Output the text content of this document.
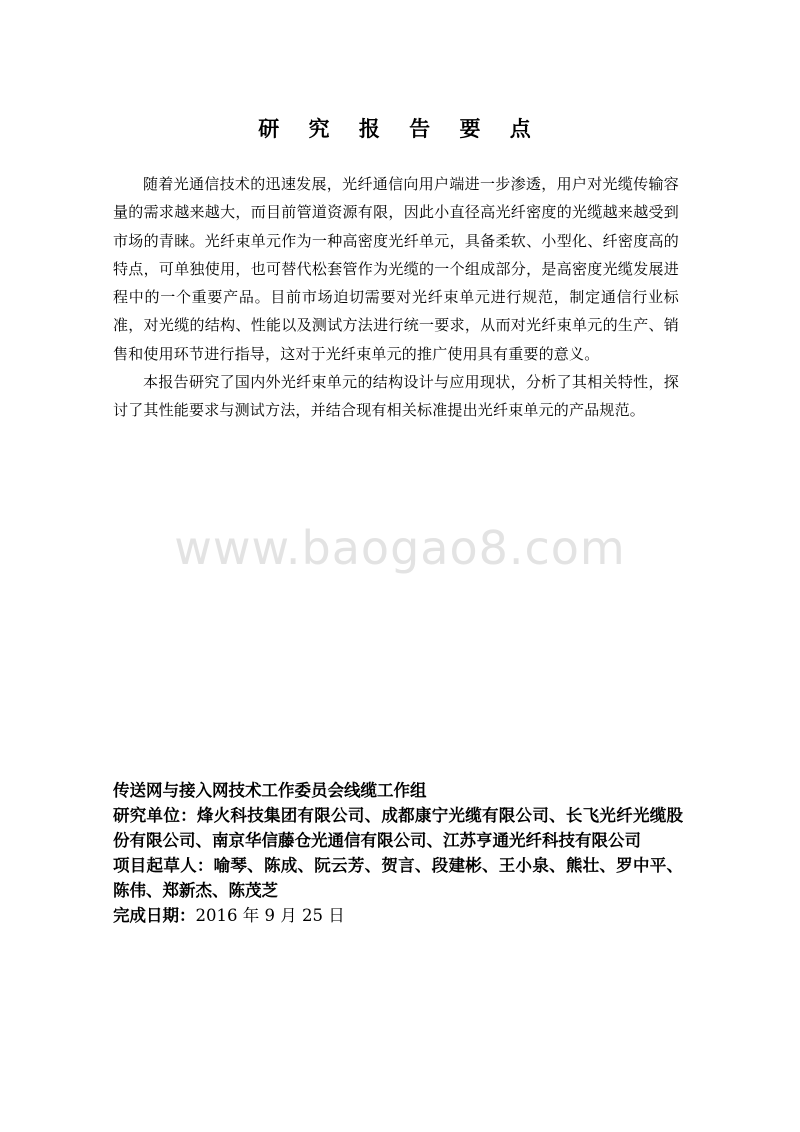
研 究 报 告 要 点

随着光通信技术的迅速发展，光纤通信向用户端进一步渗透，用户对光缆传输容量的需求越来越大，而目前管道资源有限，因此小直径高光纤密度的光缆越来越受到市场的青睐。光纤束单元作为一种高密度光纤单元，具备柔软、小型化、纤密度高的特点，可单独使用，也可替代松套管作为光缆的一个组成部分，是高密度光缆发展进程中的一个重要产品。目前市场迫切需要对光纤束单元进行规范，制定通信行业标准，对光缆的结构、性能以及测试方法进行统一要求，从而对光纤束单元的生产、销售和使用环节进行指导，这对于光纤束单元的推广使用具有重要的意义。

本报告研究了国内外光纤束单元的结构设计与应用现状，分析了其相关特性，探讨了其性能要求与测试方法，并结合现有相关标准提出光纤束单元的产品规范。

www.baogao8.com

传送网与接入网技术工作委员会线缆工作组

研究单位：烽火科技集团有限公司、成都康宁光缆有限公司、长飞光纤光缆股份有限公司、南京华信藤仓光通信有限公司、江苏亨通光纤科技有限公司

项目起草人：喻琴、陈成、阮云芳、贺言、段建彬、王小泉、熊壮、罗中平、陈伟、郑新杰、陈茂芝

完成日期：2016 年 9 月 25 日
